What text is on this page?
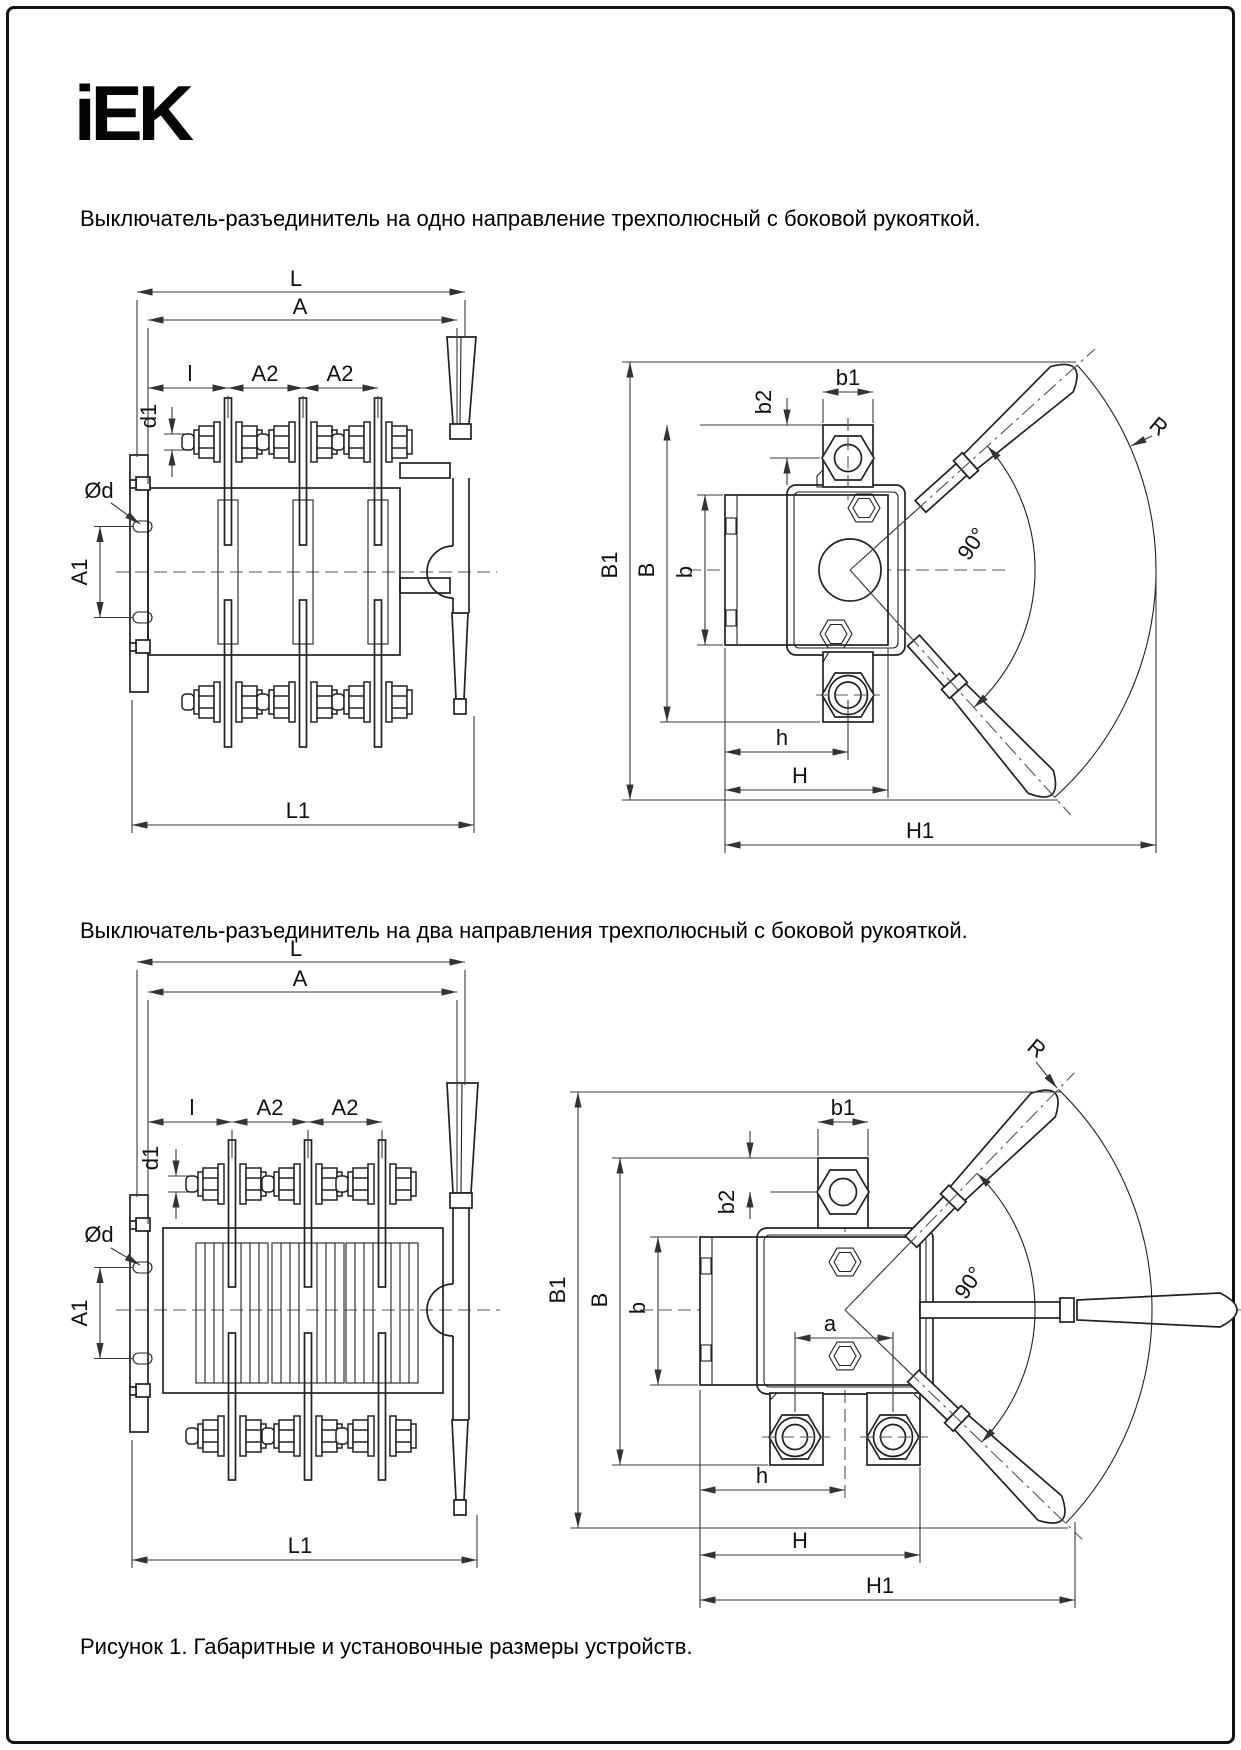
iEK
Выключатель-разъединитель на одно направление трехполюсный с боковой рукояткой.
Выключатель-разъединитель на два направления трехполюсный с боковой рукояткой.
Рисунок 1. Габаритные и установочные размеры устройств.
L
A
l	A2 A2
d1
Ød
A1
L1
B1 B b
b1
b2
R
90°
h
H
H1
L
A
l	A2 A2
d1
Ød
A1
L1
B1 B
b
b1
b2
a
R
90°
h
H
H1
